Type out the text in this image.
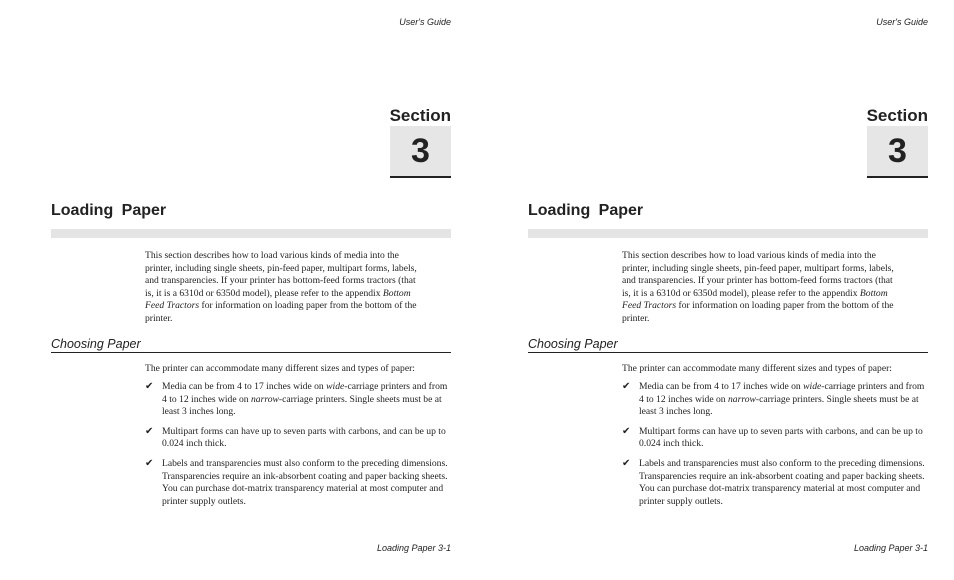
User's Guide
Section
3
Loading Paper
This section describes how to load various kinds of media into the printer, including single sheets, pin-feed paper, multipart forms, labels, and transparencies. If your printer has bottom-feed forms tractors (that is, it is a 6310d or 6350d model), please refer to the appendix Bottom Feed Tractors for information on loading paper from the bottom of the printer.
Choosing Paper
The printer can accommodate many different sizes and types of paper:
✔ Media can be from 4 to 17 inches wide on wide-carriage printers and from 4 to 12 inches wide on narrow-carriage printers. Single sheets must be at least 3 inches long.
✔ Multipart forms can have up to seven parts with carbons, and can be up to 0.024 inch thick.
✔ Labels and transparencies must also conform to the preceding dimensions. Transparencies require an ink-absorbent coating and paper backing sheets. You can purchase dot-matrix transparency material at most computer and printer supply outlets.
Loading Paper 3-1
User's Guide
Section
3
Loading Paper
This section describes how to load various kinds of media into the printer, including single sheets, pin-feed paper, multipart forms, labels, and transparencies. If your printer has bottom-feed forms tractors (that is, it is a 6310d or 6350d model), please refer to the appendix Bottom Feed Tractors for information on loading paper from the bottom of the printer.
Choosing Paper
The printer can accommodate many different sizes and types of paper:
✔ Media can be from 4 to 17 inches wide on wide-carriage printers and from 4 to 12 inches wide on narrow-carriage printers. Single sheets must be at least 3 inches long.
✔ Multipart forms can have up to seven parts with carbons, and can be up to 0.024 inch thick.
✔ Labels and transparencies must also conform to the preceding dimensions. Transparencies require an ink-absorbent coating and paper backing sheets. You can purchase dot-matrix transparency material at most computer and printer supply outlets.
Loading Paper 3-1
